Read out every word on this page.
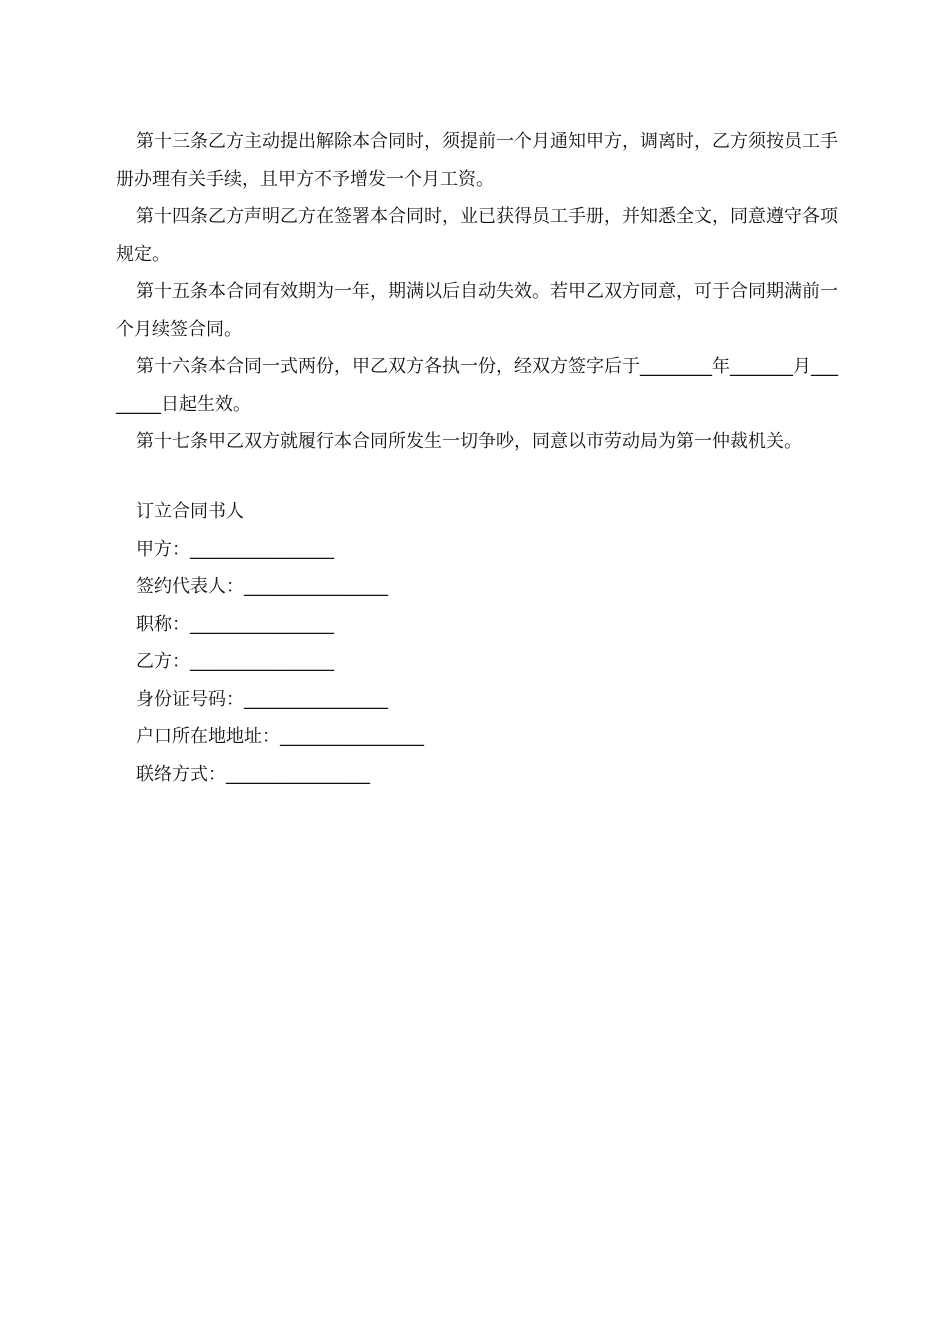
第十三条乙方主动提出解除本合同时，须提前一个月通知甲方，调离时，乙方须按员工手册办理有关手续，且甲方不予增发一个月工资。

第十四条乙方声明乙方在签署本合同时，业已获得员工手册，并知悉全文，同意遵守各项规定。

第十五条本合同有效期为一年，期满以后自动失效。若甲乙双方同意，可于合同期满前一个月续签合同。

第十六条本合同一式两份，甲乙双方各执一份，经双方签字后于________年_______月________日起生效。

第十七条甲乙双方就履行本合同所发生一切争吵，同意以市劳动局为第一仲裁机关。

订立合同书人

甲方：________________

签约代表人：________________

职称：________________

乙方：________________

身份证号码：________________

户口所在地地址：________________

联络方式：________________
